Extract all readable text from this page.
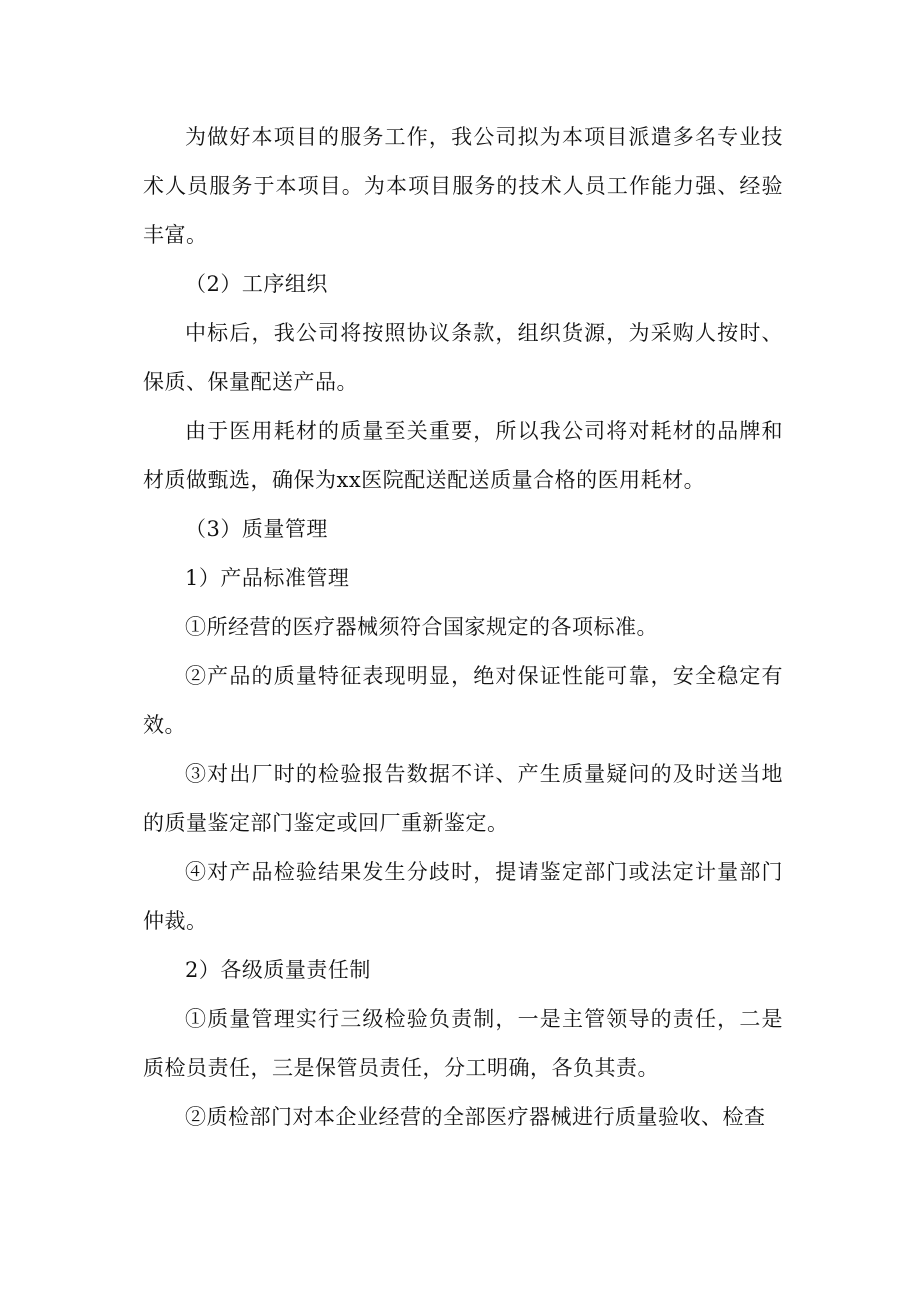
为做好本项目的服务工作，我公司拟为本项目派遣多名专业技术人员服务于本项目。为本项目服务的技术人员工作能力强、经验丰富。

（2）工序组织

中标后，我公司将按照协议条款，组织货源，为采购人按时、保质、保量配送产品。

由于医用耗材的质量至关重要，所以我公司将对耗材的品牌和材质做甄选，确保为xx医院配送配送质量合格的医用耗材。

（3）质量管理

1）产品标准管理

①所经营的医疗器械须符合国家规定的各项标准。

②产品的质量特征表现明显，绝对保证性能可靠，安全稳定有效。

③对出厂时的检验报告数据不详、产生质量疑问的及时送当地的质量鉴定部门鉴定或回厂重新鉴定。

④对产品检验结果发生分歧时，提请鉴定部门或法定计量部门仲裁。

2）各级质量责任制

①质量管理实行三级检验负责制，一是主管领导的责任，二是质检员责任，三是保管员责任，分工明确，各负其责。

②质检部门对本企业经营的全部医疗器械进行质量验收、检查
